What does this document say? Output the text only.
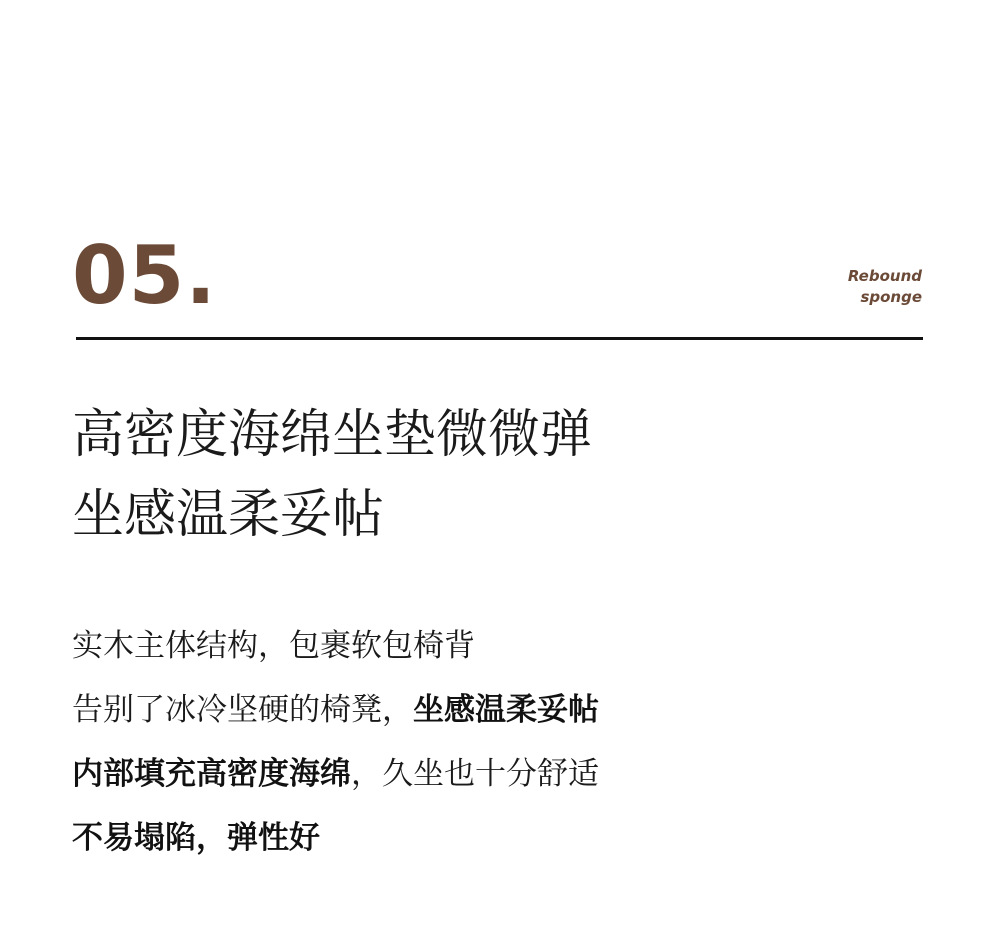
05.	Rebound
sponge
高密度海绵坐垫微微弹
坐感温柔妥帖
实木主体结构，包裹软包椅背
告别了冰冷坚硬的椅凳，坐感温柔妥帖
内部填充高密度海绵，久坐也十分舒适
不易塌陷，弹性好
